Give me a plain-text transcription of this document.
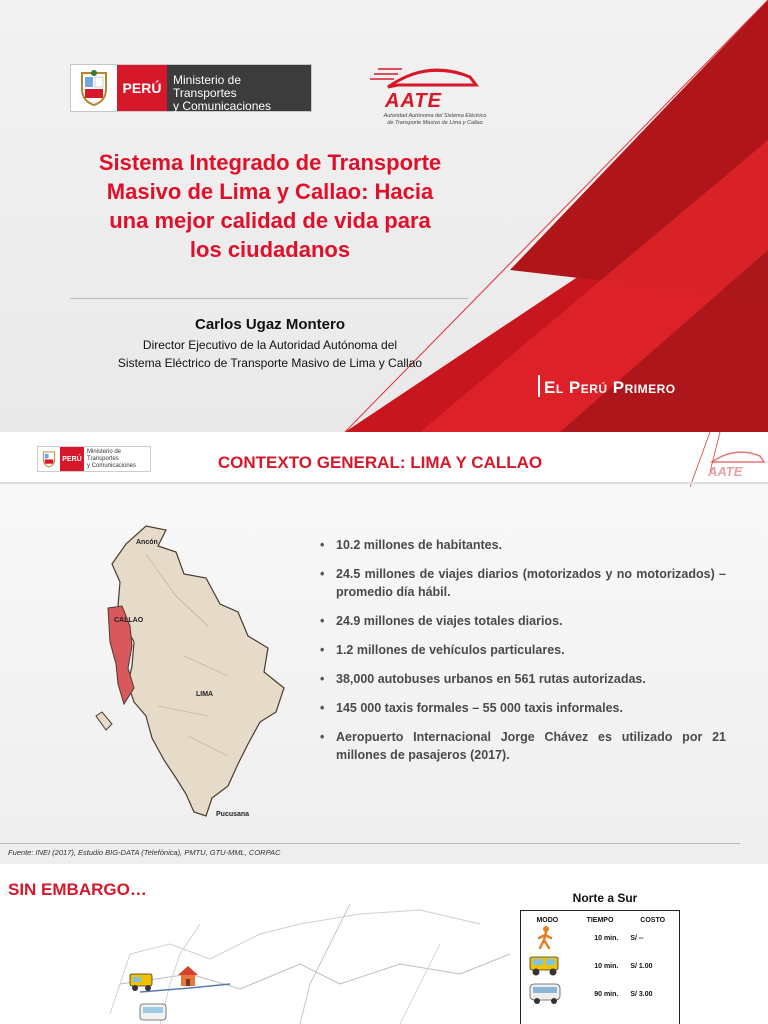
PERÚ Ministerio de Transportes
y Comunicaciones	AATE
Autoridad Autónoma del Sistema Eléctrico
de Transporte Masivo de Lima y Callao
Sistema Integrado de Transporte
Masivo de Lima y Callao: Hacia
una mejor calidad de vida para
los ciudadanos
Carlos Ugaz Montero
Director Ejecutivo de la Autoridad Autónoma del
Sistema Eléctrico de Transporte Masivo de Lima y Callao
El Perú Primero
PERÚ
Ministerio de Transportes
y Comunicaciones	CONTEXTO GENERAL: LIMA Y CALLAO	AATE
Ancón
CALLAO
LIMA
Pucusana
• 10.2 millones de habitantes.
• 24.5 millones de viajes diarios (motorizados y no motorizados) – promedio día hábil.
• 24.9 millones de viajes totales diarios.
• 1.2 millones de vehículos particulares.
• 38,000 autobuses urbanos en 561 rutas autorizadas.
• 145 000 taxis formales – 55 000 taxis informales.
• Aeropuerto Internacional Jorge Chávez es utilizado por 21 millones de pasajeros (2017).
Fuente: INEI (2017), Estudio BIG-DATA (Telefónica), PMTU, GTU-MML, CORPAC
SIN EMBARGO…	Norte a Sur
MODO	TIEMPO	COSTO
10 min.	S/ --
10 min.	S/ 1.00
90 min.	S/ 3.00
